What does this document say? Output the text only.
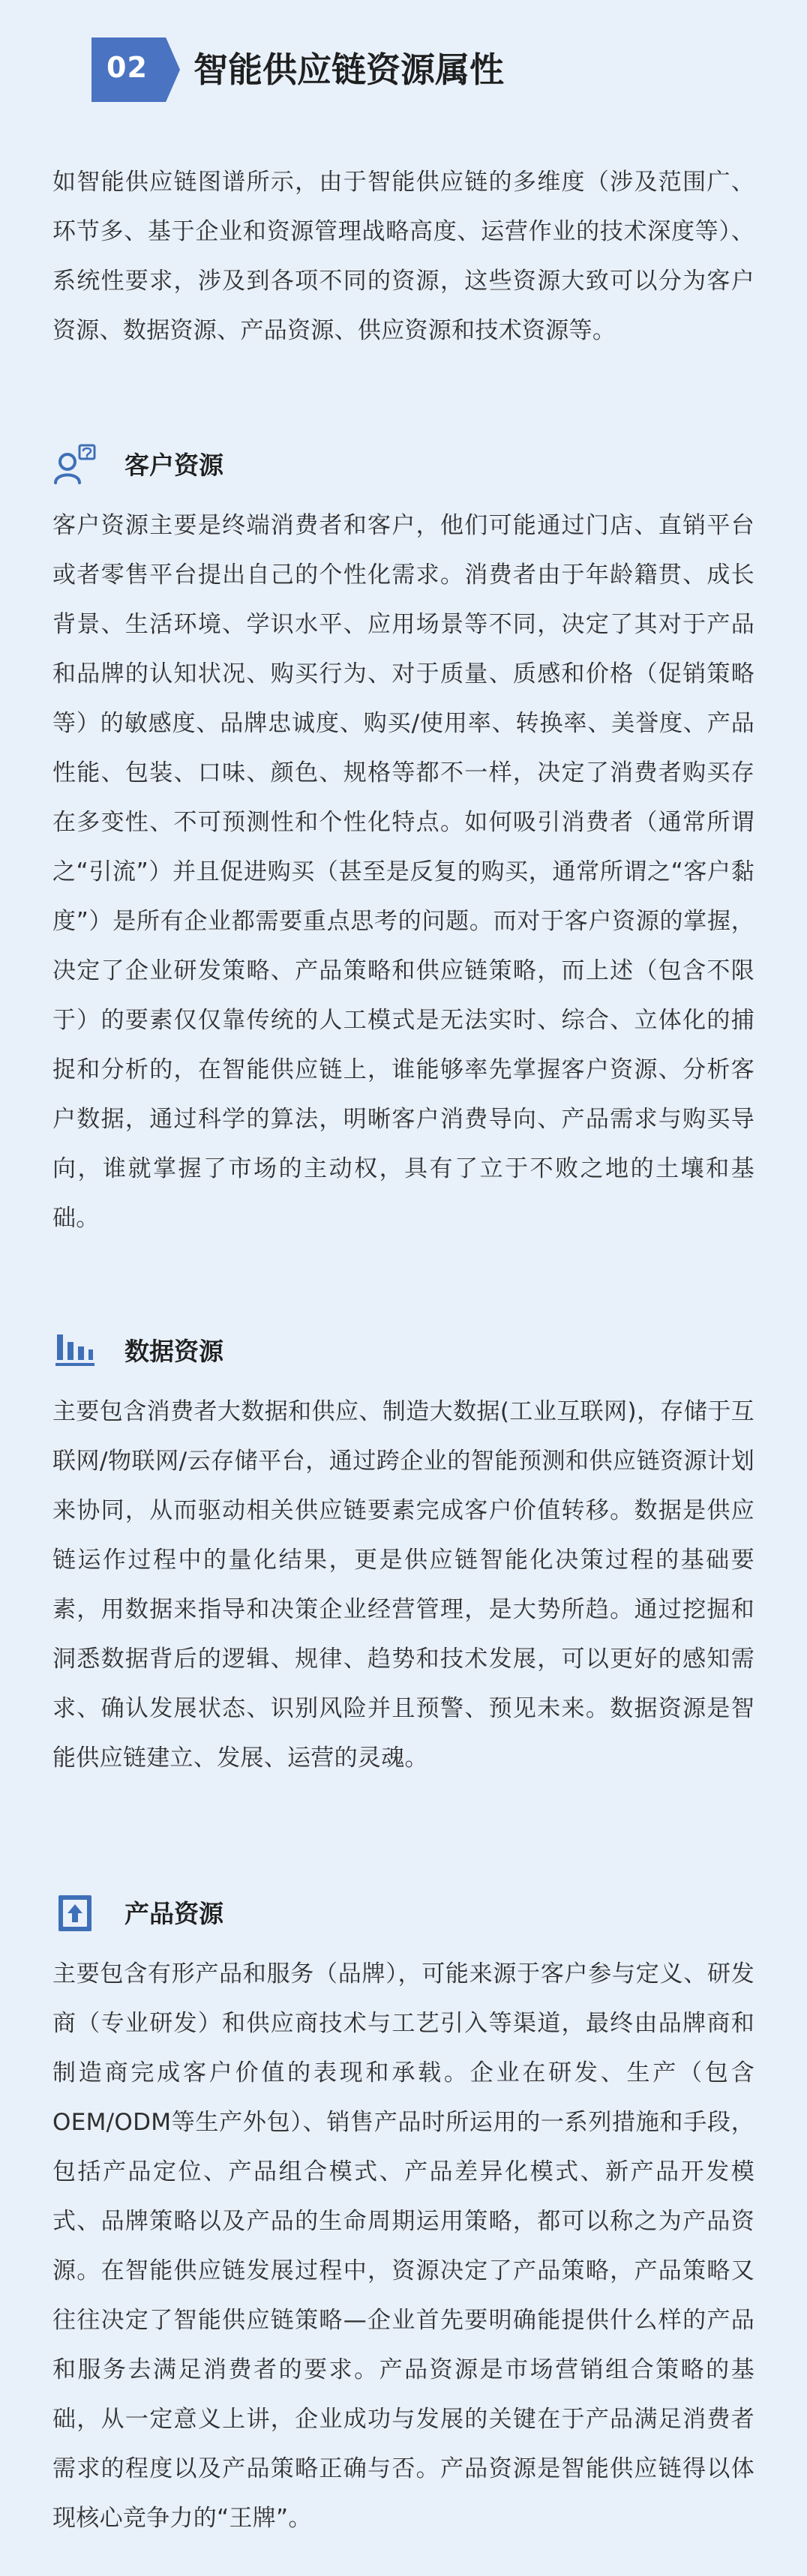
02 智能供应链资源属性
如智能供应链图谱所示，由于智能供应链的多维度（涉及范围广、环节多、基于企业和资源管理战略高度、运营作业的技术深度等）、系统性要求，涉及到各项不同的资源，这些资源大致可以分为客户资源、数据资源、产品资源、供应资源和技术资源等。
客户资源
客户资源主要是终端消费者和客户，他们可能通过门店、直销平台或者零售平台提出自己的个性化需求。消费者由于年龄籍贯、成长背景、生活环境、学识水平、应用场景等不同，决定了其对于产品和品牌的认知状况、购买行为、对于质量、质感和价格（促销策略等）的敏感度、品牌忠诚度、购买/使用率、转换率、美誉度、产品性能、包装、口味、颜色、规格等都不一样，决定了消费者购买存在多变性、不可预测性和个性化特点。如何吸引消费者（通常所谓之“引流”）并且促进购买（甚至是反复的购买，通常所谓之“客户黏度”）是所有企业都需要重点思考的问题。而对于客户资源的掌握，决定了企业研发策略、产品策略和供应链策略，而上述（包含不限于）的要素仅仅靠传统的人工模式是无法实时、综合、立体化的捕捉和分析的，在智能供应链上，谁能够率先掌握客户资源、分析客户数据，通过科学的算法，明晰客户消费导向、产品需求与购买导向，谁就掌握了市场的主动权，具有了立于不败之地的土壤和基础。
数据资源
主要包含消费者大数据和供应、制造大数据(工业互联网)，存储于互联网/物联网/云存储平台，通过跨企业的智能预测和供应链资源计划来协同，从而驱动相关供应链要素完成客户价值转移。数据是供应链运作过程中的量化结果，更是供应链智能化决策过程的基础要素，用数据来指导和决策企业经营管理，是大势所趋。通过挖掘和洞悉数据背后的逻辑、规律、趋势和技术发展，可以更好的感知需求、确认发展状态、识别风险并且预警、预见未来。数据资源是智能供应链建立、发展、运营的灵魂。
产品资源
主要包含有形产品和服务（品牌），可能来源于客户参与定义、研发商（专业研发）和供应商技术与工艺引入等渠道，最终由品牌商和制造商完成客户价值的表现和承载。企业在研发、生产（包含OEM/ODM等生产外包）、销售产品时所运用的一系列措施和手段，包括产品定位、产品组合模式、产品差异化模式、新产品开发模式、品牌策略以及产品的生命周期运用策略，都可以称之为产品资源。在智能供应链发展过程中，资源决定了产品策略，产品策略又往往决定了智能供应链策略—企业首先要明确能提供什么样的产品和服务去满足消费者的要求。产品资源是市场营销组合策略的基础，从一定意义上讲，企业成功与发展的关键在于产品满足消费者需求的程度以及产品策略正确与否。产品资源是智能供应链得以体现核心竞争力的“王牌”。
